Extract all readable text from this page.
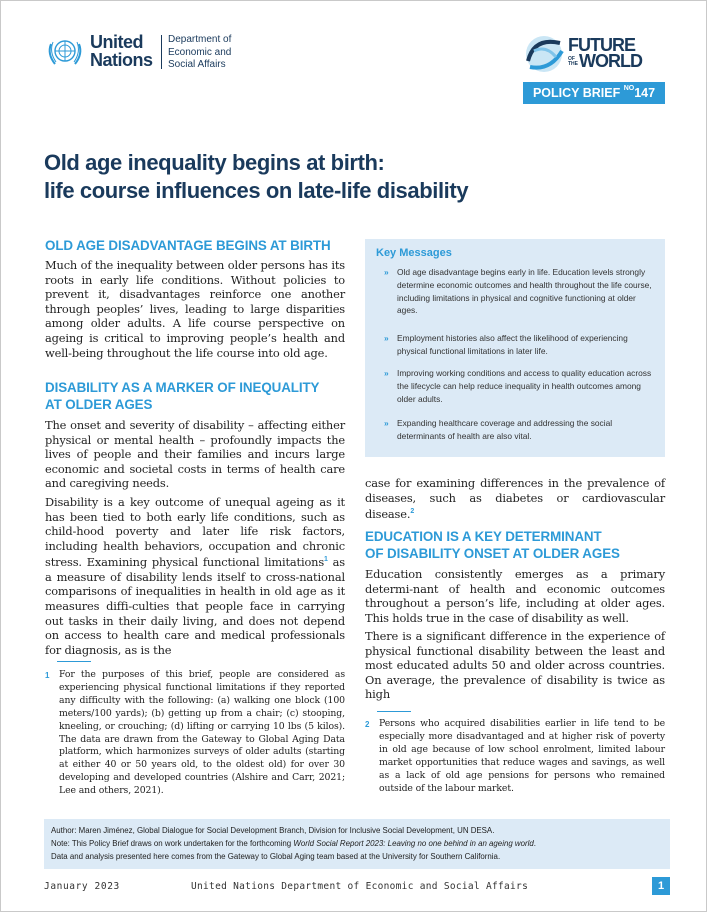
United
Nations
Department of
Economic and
Social Affairs
FUTURE
OF THEWORLD
POLICY BRIEF $^{NO}$147
Old age inequality begins at birth:
life course influences on late-life disability
OLD AGE DISADVANTAGE BEGINS AT BIRTH

Much of the inequality between older persons has its roots in early life conditions. Without policies to prevent it, disadvantages reinforce one another through peoples’ lives, leading to large disparities among older adults. A life course perspective on ageing is critical to improving people’s health and well-being throughout the life course into old age.

DISABILITY AS A MARKER OF INEQUALITY
AT OLDER AGES

The onset and severity of disability – affecting either physical or mental health – profoundly impacts the lives of people and their families and incurs large economic and societal costs in terms of health care and caregiving needs.

Disability is a key outcome of unequal ageing as it has been tied to both early life conditions, such as child-hood poverty and later life risk factors, including health behaviors, occupation and chronic stress. Examining physical functional limitations$^1$ as a measure of disability lends itself to cross-national comparisons of inequalities in health in old age as it measures diffi-culties that people face in carrying out tasks in their daily living, and does not depend on access to health care and medical professionals for diagnosis, as is the

Key Messages
» Old age disadvantage begins early in life. Education levels strongly determine economic outcomes and health throughout the life course, including limitations in physical and cognitive functioning at older ages.
» Employment histories also affect the likelihood of experiencing physical functional limitations in later life.
» Improving working conditions and access to quality education across the lifecycle can help reduce inequality in health outcomes among older adults.
» Expanding healthcare coverage and addressing the social determinants of health are also vital.

case for examining differences in the prevalence of diseases, such as diabetes or cardiovascular disease.$^2$

EDUCATION IS A KEY DETERMINANT
OF DISABILITY ONSET AT OLDER AGES

Education consistently emerges as a primary determi-nant of health and economic outcomes throughout a person’s life, including at older ages. This holds true in the case of disability as well.

There is a significant difference in the experience of physical functional disability between the least and most educated adults 50 and older across countries. On average, the prevalence of disability is twice as high

1 For the purposes of this brief, people are considered as experiencing physical functional limitations if they reported any difficulty with the following: (a) walking one block (100 meters/100 yards); (b) getting up from a chair; (c) stooping, kneeling, or crouching; (d) lifting or carrying 10 lbs (5 kilos). The data are drawn from the Gateway to Global Aging Data platform, which harmonizes surveys of older adults (starting at either 40 or 50 years old, to the oldest old) for over 30 developing and developed countries (Alshire and Carr, 2021; Lee and others, 2021).

2 Persons who acquired disabilities earlier in life tend to be especially more disadvantaged and at higher risk of poverty in old age because of low school enrolment, limited labour market opportunities that reduce wages and savings, as well as a lack of old age pensions for persons who remained outside of the labour market.

Author: Maren Jiménez, Global Dialogue for Social Development Branch, Division for Inclusive Social Development, UN DESA.
Note: This Policy Brief draws on work undertaken for the forthcoming World Social Report 2023: Leaving no one behind in an ageing world.
Data and analysis presented here comes from the Gateway to Global Aging team based at the University for Southern California.
January 2023	United Nations Department of Economic and Social Affairs	1
